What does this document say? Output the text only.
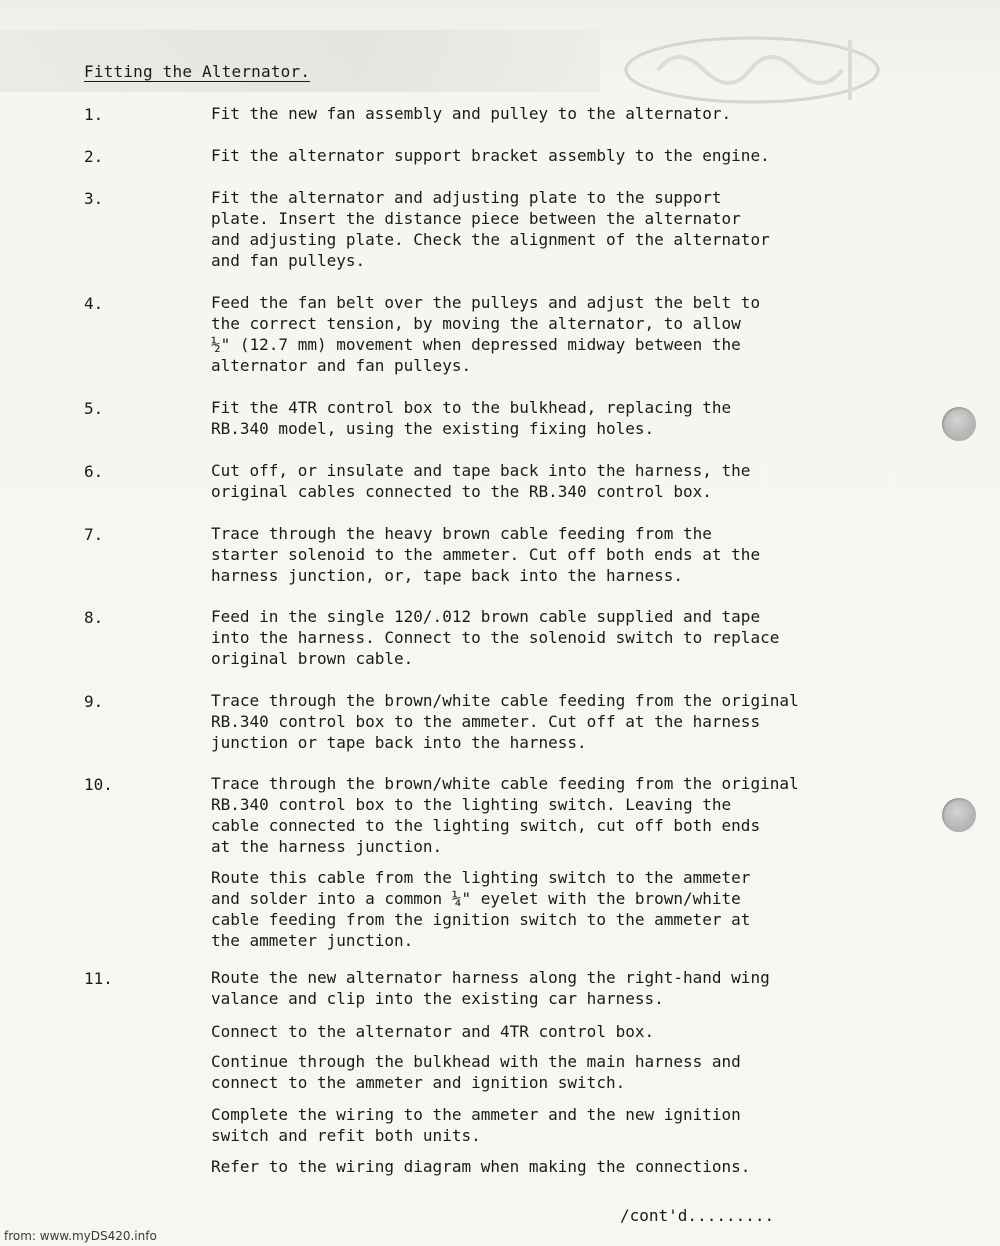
Fitting the Alternator.
1.	Fit the new fan assembly and pulley to the alternator.

2.	Fit the alternator support bracket assembly to the engine.

3.	Fit the alternator and adjusting plate to the support
plate. Insert the distance piece between the alternator
and adjusting plate. Check the alignment of the alternator
and fan pulleys.

4.	Feed the fan belt over the pulleys and adjust the belt to
the correct tension, by moving the alternator, to allow
½" (12.7 mm) movement when depressed midway between the
alternator and fan pulleys.

5.	Fit the 4TR control box to the bulkhead, replacing the
RB.340 model, using the existing fixing holes.

6.	Cut off, or insulate and tape back into the harness, the
original cables connected to the RB.340 control box.

7.	Trace through the heavy brown cable feeding from the
starter solenoid to the ammeter. Cut off both ends at the
harness junction, or, tape back into the harness.

8.	Feed in the single 120/.012 brown cable supplied and tape
into the harness. Connect to the solenoid switch to replace
original brown cable.

9.	Trace through the brown/white cable feeding from the original
RB.340 control box to the ammeter. Cut off at the harness
junction or tape back into the harness.

10.	Trace through the brown/white cable feeding from the original
RB.340 control box to the lighting switch. Leaving the
cable connected to the lighting switch, cut off both ends
at the harness junction.

Route this cable from the lighting switch to the ammeter
and solder into a common ¼" eyelet with the brown/white
cable feeding from the ignition switch to the ammeter at
the ammeter junction.

11.	Route the new alternator harness along the right-hand wing
valance and clip into the existing car harness.

Connect to the alternator and 4TR control box.

Continue through the bulkhead with the main harness and
connect to the ammeter and ignition switch.

Complete the wiring to the ammeter and the new ignition
switch and refit both units.

Refer to the wiring diagram when making the connections.

/cont'd.........
from: www.myDS420.info
